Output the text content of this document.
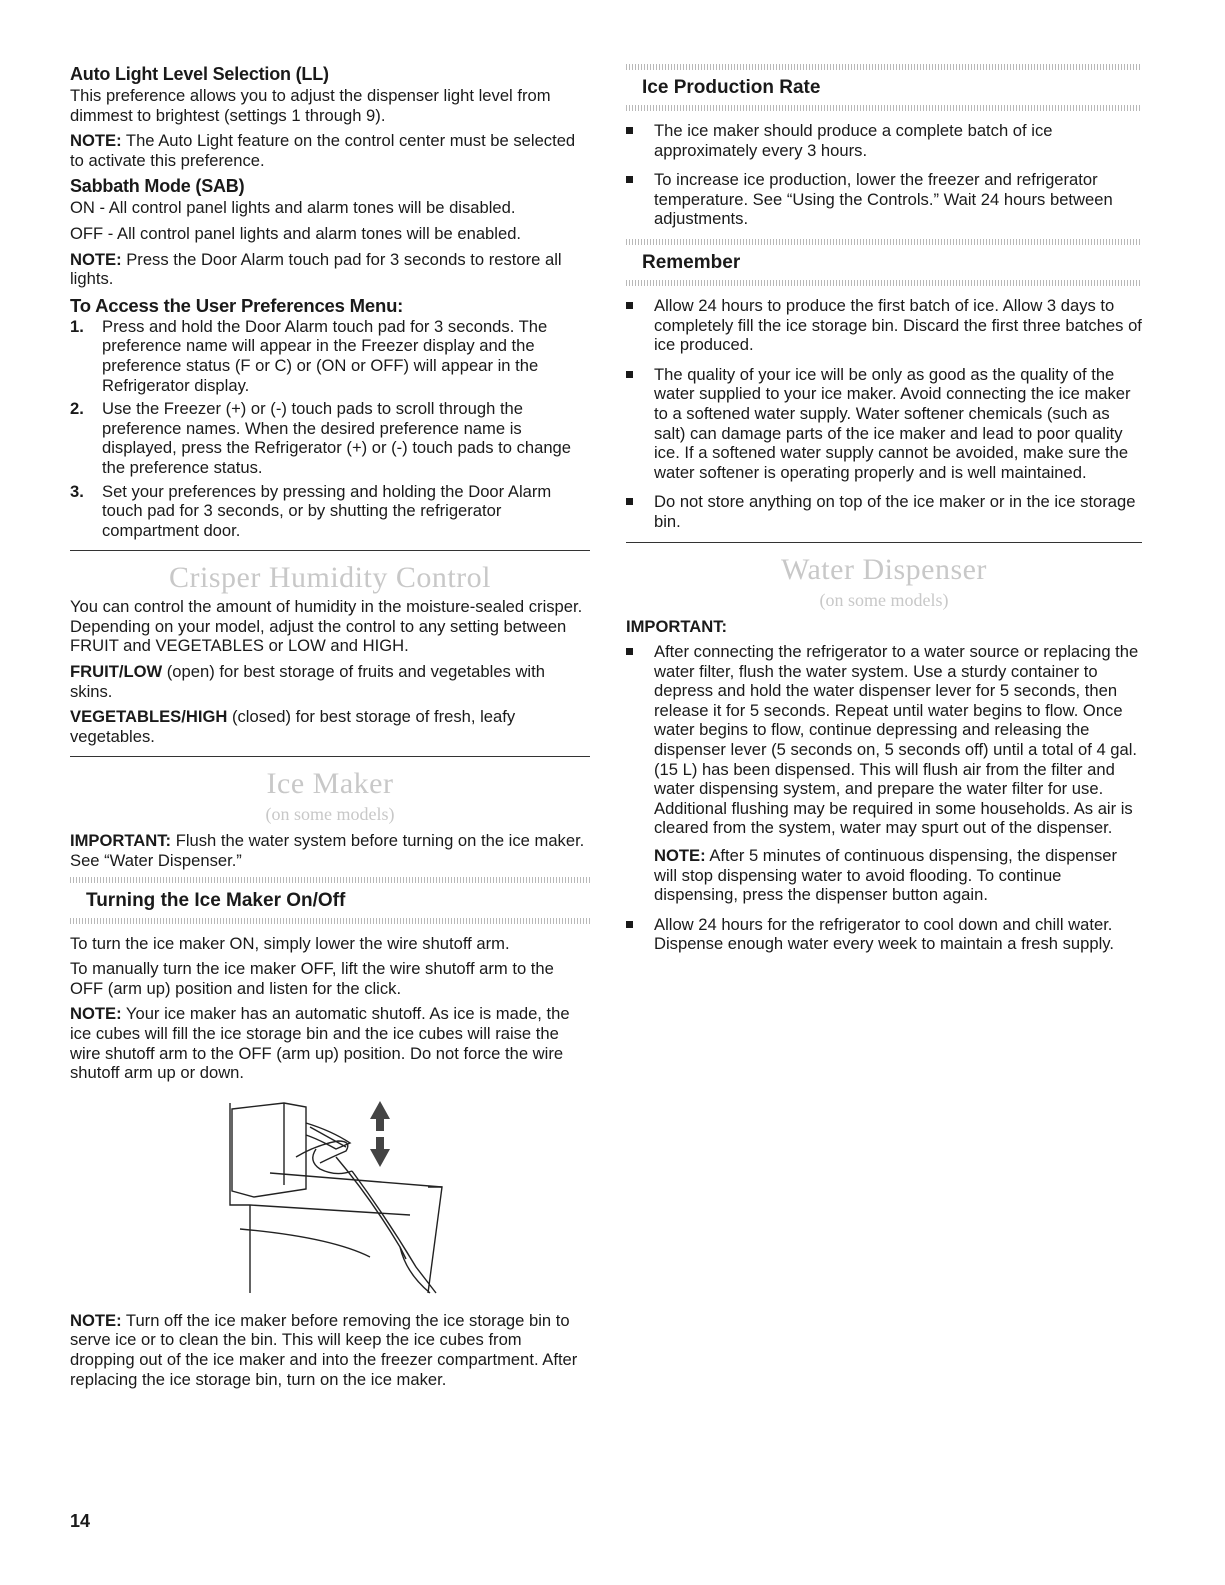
Auto Light Level Selection (LL)

This preference allows you to adjust the dispenser light level from dimmest to brightest (settings 1 through 9).

NOTE: The Auto Light feature on the control center must be selected to activate this preference.

Sabbath Mode (SAB)

ON - All control panel lights and alarm tones will be disabled.

OFF - All control panel lights and alarm tones will be enabled.

NOTE: Press the Door Alarm touch pad for 3 seconds to restore all lights.

To Access the User Preferences Menu:
1. Press and hold the Door Alarm touch pad for 3 seconds. The preference name will appear in the Freezer display and the preference status (F or C) or (ON or OFF) will appear in the Refrigerator display.
2. Use the Freezer (+) or (-) touch pads to scroll through the preference names. When the desired preference name is displayed, press the Refrigerator (+) or (-) touch pads to change the preference status.
3. Set your preferences by pressing and holding the Door Alarm touch pad for 3 seconds, or by shutting the refrigerator compartment door.
Crisper Humidity Control

You can control the amount of humidity in the moisture-sealed crisper. Depending on your model, adjust the control to any setting between FRUIT and VEGETABLES or LOW and HIGH.

FRUIT/LOW (open) for best storage of fruits and vegetables with skins.

VEGETABLES/HIGH (closed) for best storage of fresh, leafy vegetables.

Ice Maker
(on some models)

IMPORTANT: Flush the water system before turning on the ice maker. See “Water Dispenser.”

Turning the Ice Maker On/Off

To turn the ice maker ON, simply lower the wire shutoff arm.

To manually turn the ice maker OFF, lift the wire shutoff arm to the OFF (arm up) position and listen for the click.

NOTE: Your ice maker has an automatic shutoff. As ice is made, the ice cubes will fill the ice storage bin and the ice cubes will raise the wire shutoff arm to the OFF (arm up) position. Do not force the wire shutoff arm up or down.

NOTE: Turn off the ice maker before removing the ice storage bin to serve ice or to clean the bin. This will keep the ice cubes from dropping out of the ice maker and into the freezer compartment. After replacing the ice storage bin, turn on the ice maker.

Ice Production Rate
The ice maker should produce a complete batch of ice approximately every 3 hours.
To increase ice production, lower the freezer and refrigerator temperature. See “Using the Controls.” Wait 24 hours between adjustments.
Remember
Allow 24 hours to produce the first batch of ice. Allow 3 days to completely fill the ice storage bin. Discard the first three batches of ice produced.
The quality of your ice will be only as good as the quality of the water supplied to your ice maker. Avoid connecting the ice maker to a softened water supply. Water softener chemicals (such as salt) can damage parts of the ice maker and lead to poor quality ice. If a softened water supply cannot be avoided, make sure the water softener is operating properly and is well maintained.
Do not store anything on top of the ice maker or in the ice storage bin.
Water Dispenser
(on some models)

IMPORTANT:

After connecting the refrigerator to a water source or replacing the water filter, flush the water system. Use a sturdy container to depress and hold the water dispenser lever for 5 seconds, then release it for 5 seconds. Repeat until water begins to flow. Once water begins to flow, continue depressing and releasing the dispenser lever (5 seconds on, 5 seconds off) until a total of 4 gal. (15 L) has been dispensed. This will flush air from the filter and water dispensing system, and prepare the water filter for use. Additional flushing may be required in some households. As air is cleared from the system, water may spurt out of the dispenser.

NOTE: After 5 minutes of continuous dispensing, the dispenser will stop dispensing water to avoid flooding. To continue dispensing, press the dispenser button again.

Allow 24 hours for the refrigerator to cool down and chill water. Dispense enough water every week to maintain a fresh supply.
14
